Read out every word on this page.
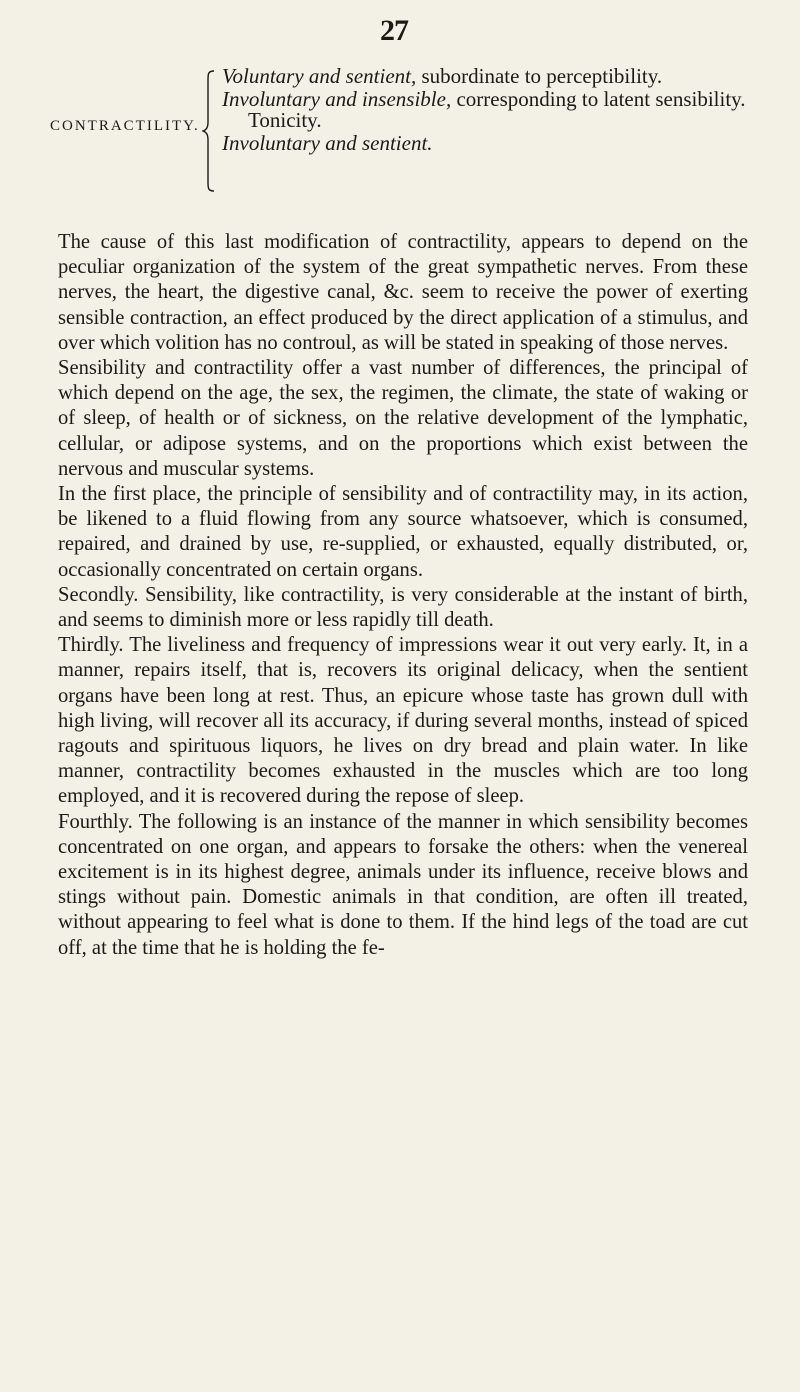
27
CONTRACTILITY.
Voluntary and sentient, subordinate to perceptibility.
Involuntary and insensible, corresponding to latent sensibility. Tonicity.
Involuntary and sentient.

The cause of this last modification of contractility, appears to depend on the peculiar organization of the system of the great sympathetic nerves. From these nerves, the heart, the digestive canal, &c. seem to receive the power of exerting sensible contraction, an effect produced by the direct application of a stimulus, and over which volition has no controul, as will be stated in speaking of those nerves.

Sensibility and contractility offer a vast number of differences, the principal of which depend on the age, the sex, the regimen, the climate, the state of waking or of sleep, of health or of sickness, on the relative development of the lymphatic, cellular, or adipose systems, and on the proportions which exist between the nervous and muscular systems.

In the first place, the principle of sensibility and of contractility may, in its action, be likened to a fluid flowing from any source whatsoever, which is consumed, repaired, and drained by use, re-supplied, or exhausted, equally distributed, or, occasionally concentrated on certain organs.

Secondly. Sensibility, like contractility, is very considerable at the instant of birth, and seems to diminish more or less rapidly till death.

Thirdly. The liveliness and frequency of impressions wear it out very early. It, in a manner, repairs itself, that is, recovers its original delicacy, when the sentient organs have been long at rest. Thus, an epicure whose taste has grown dull with high living, will recover all its accuracy, if during several months, instead of spiced ragouts and spirituous liquors, he lives on dry bread and plain water. In like manner, contractility becomes exhausted in the muscles which are too long employed, and it is recovered during the repose of sleep.

Fourthly. The following is an instance of the manner in which sensibility becomes concentrated on one organ, and appears to forsake the others: when the venereal excitement is in its highest degree, animals under its influence, receive blows and stings without pain. Domestic animals in that condition, are often ill treated, without appearing to feel what is done to them. If the hind legs of the toad are cut off, at the time that he is holding the fe-
